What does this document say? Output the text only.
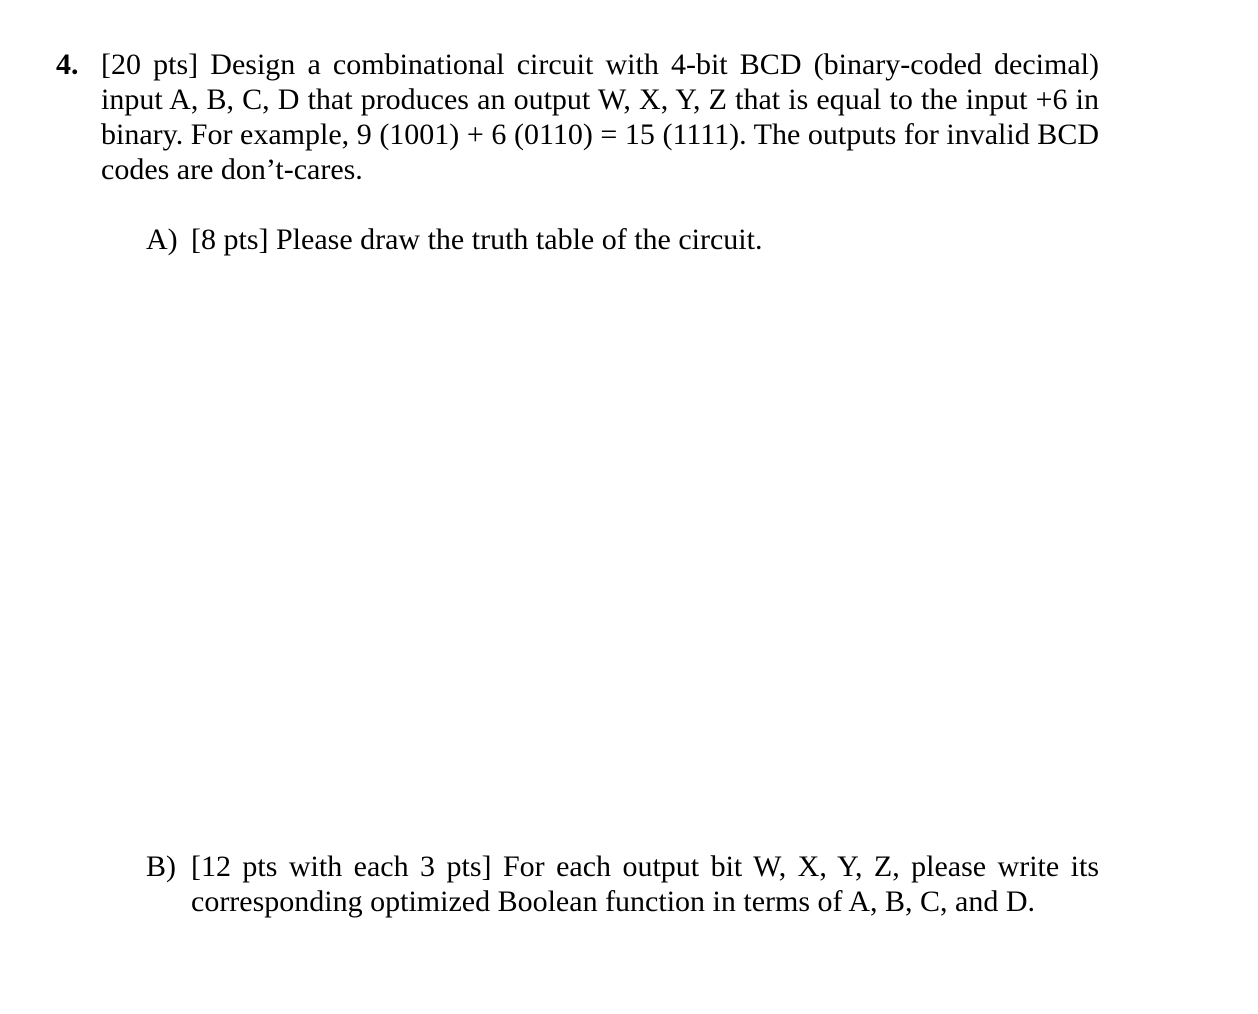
4. [20 pts] Design a combinational circuit with 4-bit BCD (binary-coded decimal) input A, B, C, D that produces an output W, X, Y, Z that is equal to the input +6 in binary. For example, 9 (1001) + 6 (0110) = 15 (1111). The outputs for invalid BCD codes are don’t-cares.
A) [8 pts] Please draw the truth table of the circuit.
B) [12 pts with each 3 pts] For each output bit W, X, Y, Z, please write its corresponding optimized Boolean function in terms of A, B, C, and D.
